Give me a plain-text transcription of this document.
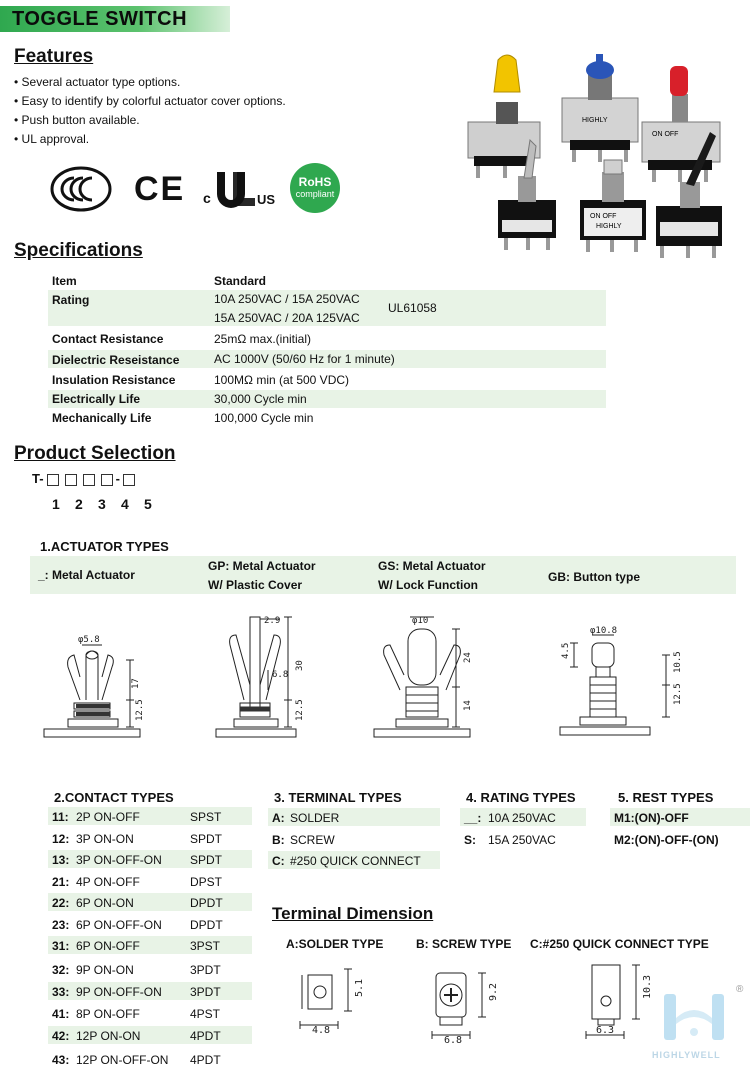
TOGGLE SWITCH
Features
• Several actuator type options.
• Easy to identify by colorful actuator cover options.
• Push button available.
• UL approval.
CE c	US
RoHS
compliant
HIGHLY
ON OFF
ON OFF
HIGHLY
Specifications
Item	Standard
Rating	10A 250VAC / 15A 250VAC
15A 250VAC / 20A 125VAC
UL61058
Contact Resistance	25mΩ max.(initial)
Dielectric Reseistance	AC 1000V (50/60 Hz for 1 minute)
Insulation Resistance	100MΩ min (at 500 VDC)
Electrically Life	30,000 Cycle min
Mechanically Life	100,000 Cycle min
Product Selection
T-	-
1 2 3 4 5
1.ACTUATOR TYPES
_: Metal Actuator
GP: Metal Actuator
W/ Plastic Cover
GS: Metal Actuator
W/ Lock Function
GB: Button type
φ5.8
17
12.5
2.9
6.8
30
12.5
φ10
24
14
φ10.8
4.5
10.5
12.5
2.CONTACT TYPES
11: 2P ON-OFF	SPST
12: 3P ON-ON	SPDT
13: 3P ON-OFF-ON SPDT
21: 4P ON-OFF	DPST
22: 6P ON-ON	DPDT
23: 6P ON-OFF-ON DPDT
31: 6P ON-OFF	3PST
32: 9P ON-ON	3PDT
33: 9P ON-OFF-ON 3PDT
41: 8P ON-OFF	4PST
42: 12P ON-ON	4PDT
43: 12P ON-OFF-ON 4PDT
3. TERMINAL TYPES
A: SOLDER
B: SCREW
C: #250 QUICK CONNECT
4. RATING TYPES
__: 10A 250VAC
S: 15A 250VAC
5. REST TYPES
M1:(ON)-OFF
M2:(ON)-OFF-(ON)
Terminal Dimension
A:SOLDER TYPE	B: SCREW TYPE C:#250 QUICK CONNECT TYPE
5.1
4.8
9.2
6.8
10.3
6.3
®
HIGHLYWELL
